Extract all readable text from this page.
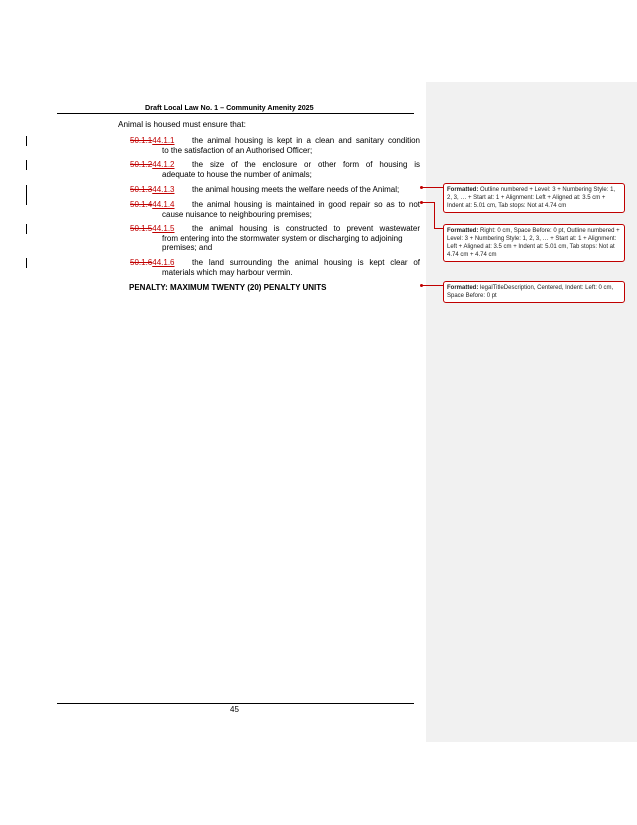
Draft Local Law No. 1 – Community Amenity 2025
Animal is housed must ensure that:
50.1.144.1.1	the animal housing is kept in a clean and sanitary condition
to the satisfaction of an Authorised Officer;
50.1.244.1.2	the size of the enclosure or other form of housing is
adequate to house the number of animals;
50.1.344.1.3	the animal housing meets the welfare needs of the Animal;
50.1.444.1.4	the animal housing is maintained in good repair so as to not
cause nuisance to neighbouring premises;
50.1.544.1.5	the animal housing is constructed to prevent wastewater
from entering into the stormwater system or discharging to adjoining
premises; and
50.1.644.1.6	the land surrounding the animal housing is kept clear of
materials which may harbour vermin.
PENALTY: MAXIMUM TWENTY (20) PENALTY UNITS
Formatted: Outline numbered + Level: 3 + Numbering Style: 1, 2, 3, … + Start at: 1 + Alignment: Left + Aligned at: 3.5 cm + Indent at: 5.01 cm, Tab stops: Not at 4.74 cm
Formatted: Right: 0 cm, Space Before: 0 pt, Outline numbered + Level: 3 + Numbering Style: 1, 2, 3, … + Start at: 1 + Alignment: Left + Aligned at: 3.5 cm + Indent at: 5.01 cm, Tab stops: Not at 4.74 cm + 4.74 cm
Formatted: legalTitleDescription, Centered, Indent: Left: 0 cm, Space Before: 0 pt
45
